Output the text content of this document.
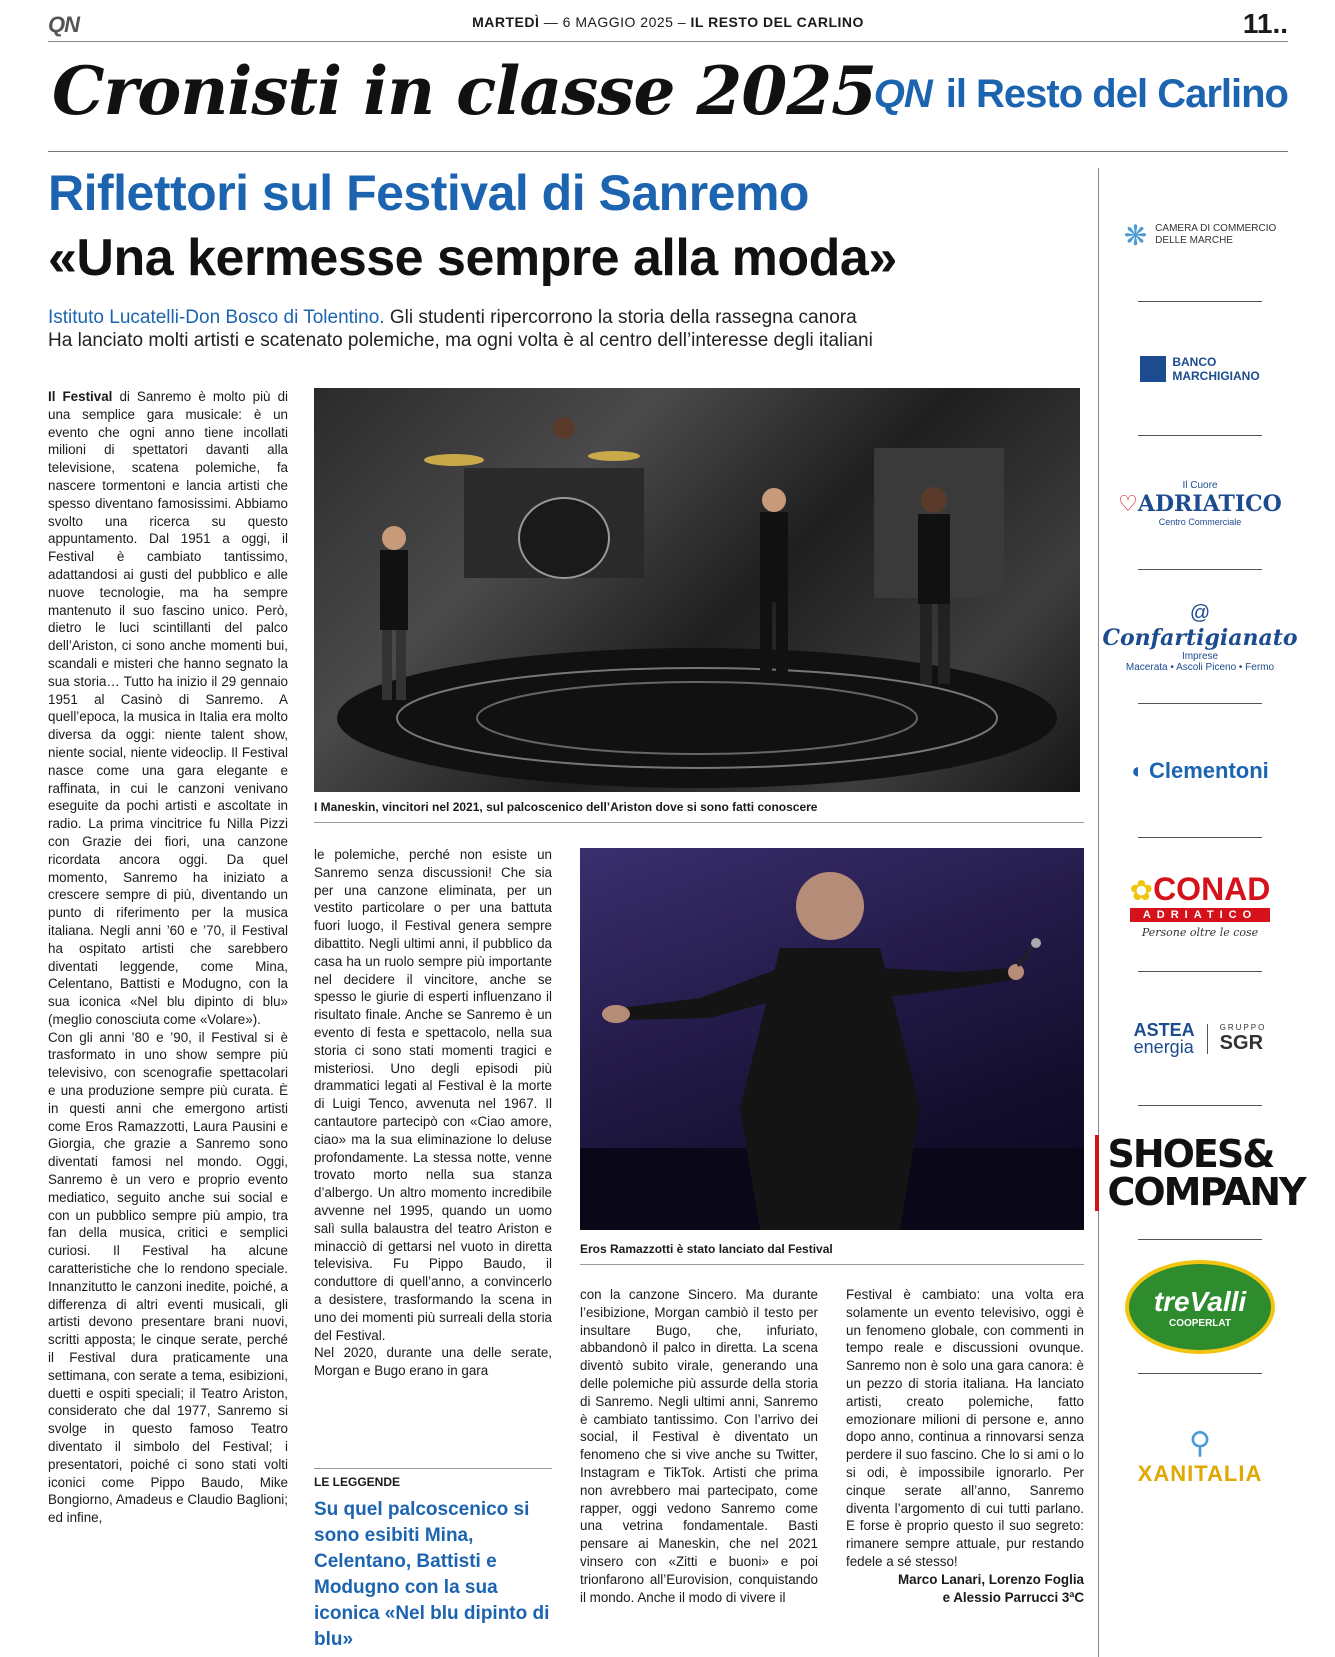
QN	MARTEDÌ — 6 MAGGIO 2025 – IL RESTO DEL CARLINO	11..
Cronisti in classe 2025
QN il Resto del Carlino
Riflettori sul Festival di Sanremo
«Una kermesse sempre alla moda»
Istituto Lucatelli-Don Bosco di Tolentino. Gli studenti ripercorrono la storia della rassegna canora
Ha lanciato molti artisti e scatenato polemiche, ma ogni volta è al centro dell’interesse degli italiani

Il Festival di Sanremo è molto più di una semplice gara musicale: è un evento che ogni anno tiene incollati milioni di spettatori davanti alla televisione, scatena polemiche, fa nascere tormentoni e lancia artisti che spesso diventano famosissimi. Abbiamo svolto una ricerca su questo appuntamento. Dal 1951 a oggi, il Festival è cambiato tantissimo, adattandosi ai gusti del pubblico e alle nuove tecnologie, ma ha sempre mantenuto il suo fascino unico. Però, dietro le luci scintillanti del palco dell’Ariston, ci sono anche momenti bui, scandali e misteri che hanno segnato la sua storia… Tutto ha inizio il 29 gennaio 1951 al Casinò di Sanremo. A quell’epoca, la musica in Italia era molto diversa da oggi: niente talent show, niente social, niente videoclip. Il Festival nasce come una gara elegante e raffinata, in cui le canzoni venivano eseguite da pochi artisti e ascoltate in radio. La prima vincitrice fu Nilla Pizzi con Grazie dei fiori, una canzone ricordata ancora oggi. Da quel momento, Sanremo ha iniziato a crescere sempre di più, diventando un punto di riferimento per la musica italiana. Negli anni ’60 e ’70, il Festival ha ospitato artisti che sarebbero diventati leggende, come Mina, Celentano, Battisti e Modugno, con la sua iconica «Nel blu dipinto di blu» (meglio conosciuta come «Volare»).

Con gli anni ’80 e ’90, il Festival si è trasformato in uno show sempre più televisivo, con scenografie spettacolari e una produzione sempre più curata. È in questi anni che emergono artisti come Eros Ramazzotti, Laura Pausini e Giorgia, che grazie a Sanremo sono diventati famosi nel mondo. Oggi, Sanremo è un vero e proprio evento mediatico, seguito anche sui social e con un pubblico sempre più ampio, tra fan della musica, critici e semplici curiosi. Il Festival ha alcune caratteristiche che lo rendono speciale. Innanzitutto le canzoni inedite, poiché, a differenza di altri eventi musicali, gli artisti devono presentare brani nuovi, scritti apposta; le cinque serate, perché il Festival dura praticamente una settimana, con serate a tema, esibizioni, duetti e ospiti speciali; il Teatro Ariston, considerato che dal 1977, Sanremo si svolge in questo famoso Teatro diventato il simbolo del Festival; i presentatori, poiché ci sono stati volti iconici come Pippo Baudo, Mike Bongiorno, Amadeus e Claudio Baglioni; ed infine,

I Maneskin, vincitori nel 2021, sul palcoscenico dell’Ariston dove si sono fatti conoscere

le polemiche, perché non esiste un Sanremo senza discussioni! Che sia per una canzone eliminata, per un vestito particolare o per una battuta fuori luogo, il Festival genera sempre dibattito. Negli ultimi anni, il pubblico da casa ha un ruolo sempre più importante nel decidere il vincitore, anche se spesso le giurie di esperti influenzano il risultato finale. Anche se Sanremo è un evento di festa e spettacolo, nella sua storia ci sono stati momenti tragici e misteriosi. Uno degli episodi più drammatici legati al Festival è la morte di Luigi Tenco, avvenuta nel 1967. Il cantautore partecipò con «Ciao amore, ciao» ma la sua eliminazione lo deluse profondamente. La stessa notte, venne trovato morto nella sua stanza d’albergo. Un altro momento incredibile avvenne nel 1995, quando un uomo salì sulla balaustra del teatro Ariston e minacciò di gettarsi nel vuoto in diretta televisiva. Fu Pippo Baudo, il conduttore di quell’anno, a convincerlo a desistere, trasformando la scena in uno dei momenti più surreali della storia del Festival.

Nel 2020, durante una delle serate, Morgan e Bugo erano in gara

Eros Ramazzotti è stato lanciato dal Festival
LE LEGGENDE
Su quel palcoscenico si sono esibiti Mina, Celentano, Battisti e Modugno con la sua iconica «Nel blu dipinto di blu»

con la canzone Sincero. Ma durante l’esibizione, Morgan cambiò il testo per insultare Bugo, che, infuriato, abbandonò il palco in diretta. La scena diventò subito virale, generando una delle polemiche più assurde della storia di Sanremo. Negli ultimi anni, Sanremo è cambiato tantissimo. Con l’arrivo dei social, il Festival è diventato un fenomeno che si vive anche su Twitter, Instagram e TikTok. Artisti che prima non avrebbero mai partecipato, come rapper, oggi vedono Sanremo come una vetrina fondamentale. Basti pensare ai Maneskin, che nel 2021 vinsero con «Zitti e buoni» e poi trionfarono all’Eurovision, conquistando il mondo. Anche il modo di vivere il

Festival è cambiato: una volta era solamente un evento televisivo, oggi è un fenomeno globale, con commenti in tempo reale e discussioni ovunque. Sanremo non è solo una gara canora: è un pezzo di storia italiana. Ha lanciato artisti, creato polemiche, fatto emozionare milioni di persone e, anno dopo anno, continua a rinnovarsi senza perdere il suo fascino. Che lo si ami o lo si odi, è impossibile ignorarlo. Per cinque serate all’anno, Sanremo diventa l’argomento di cui tutti parlano. E forse è proprio questo il suo segreto: rimanere sempre attuale, pur restando fedele a sé stesso!

Marco Lanari, Lorenzo Foglia
e Alessio Parrucci 3ªC

❋ CAMERA DI COMMERCIO
DELLE MARCHE
BANCO
MARCHIGIANO
Il Cuore
♡ADRIATICO
Centro Commerciale
@
Confartigianato
Imprese
Macerata • Ascoli Piceno • Fermo
◐ Clementoni
✿CONAD
ADRIATICO
Persone oltre le cose
ASTEA
energia
GRUPPO
SGR
SHOES&
COMPANY
treValli
COOPERLAT
⚲
XANITALIA
